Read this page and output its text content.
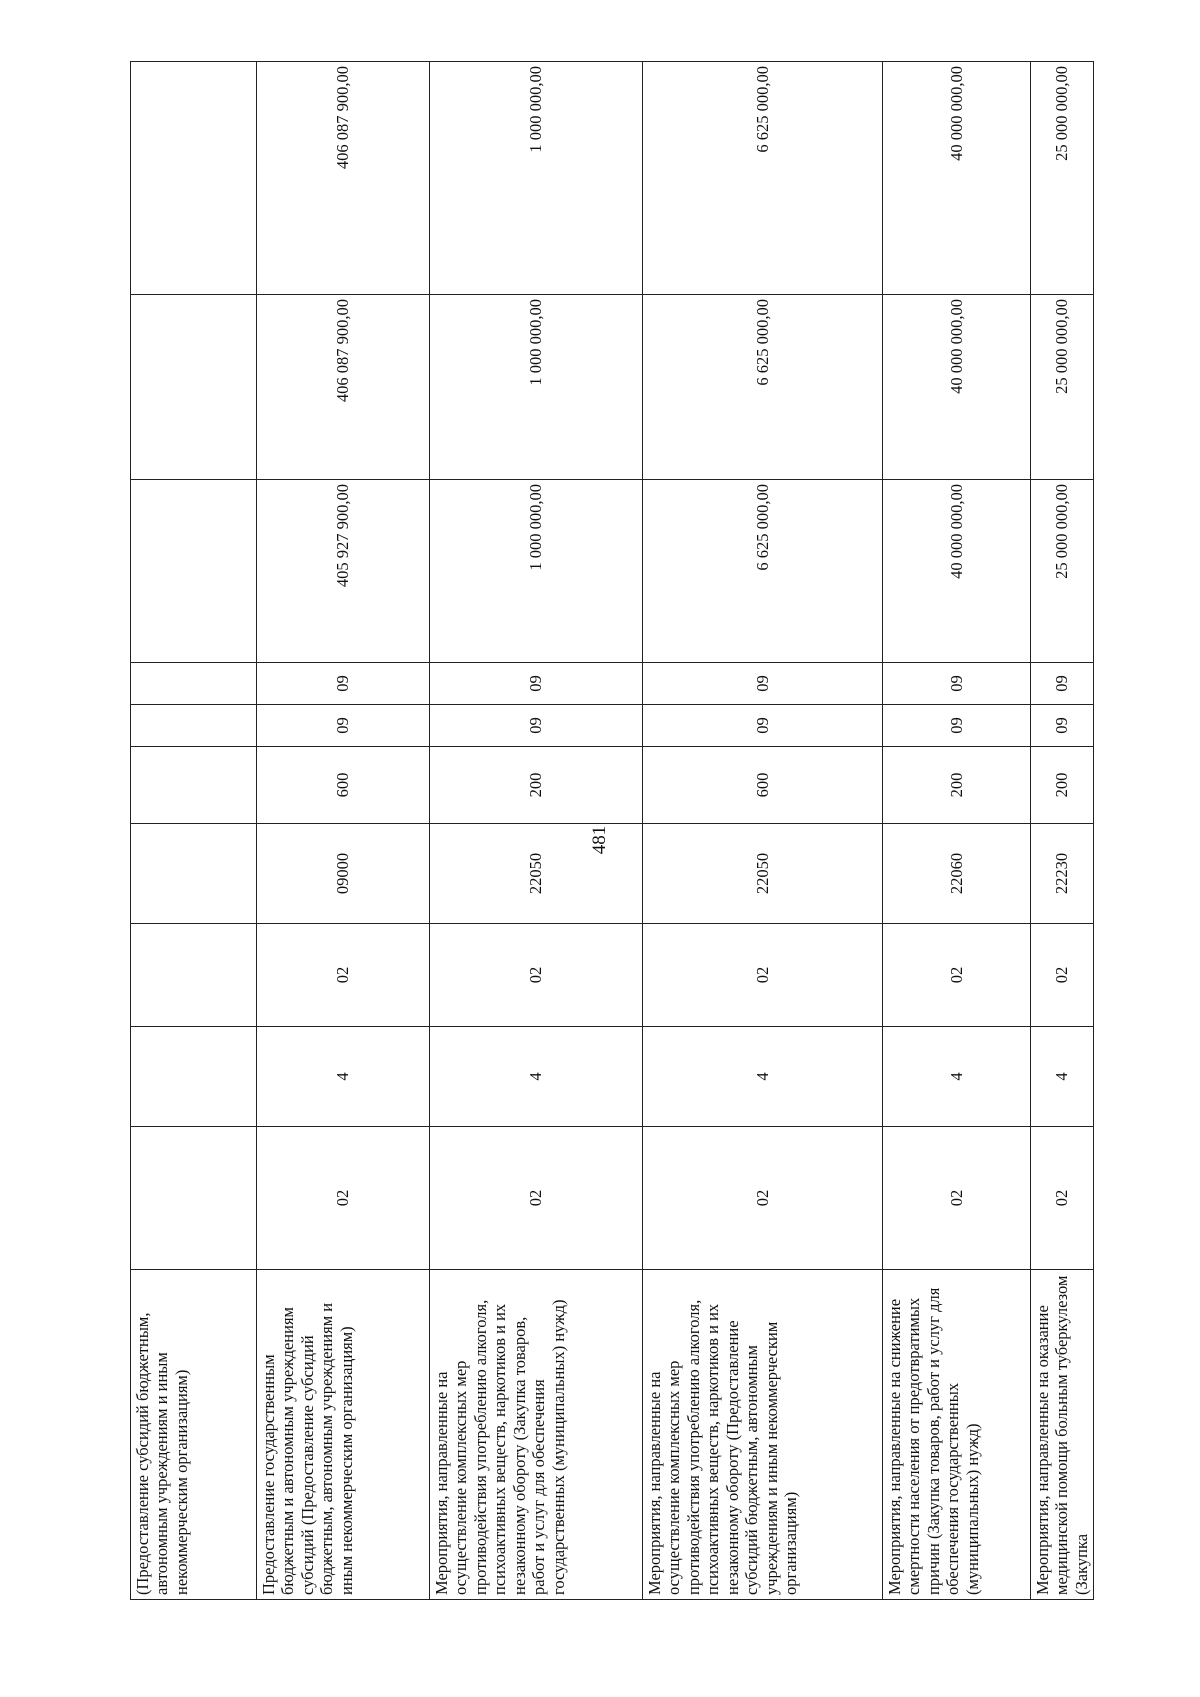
481
(Предоставление субсидий бюджетным, автономным учреждениям и иным некоммерческим организациям)										
Предоставление государственным бюджетным и автономным учреждениям субсидий (Предоставление субсидий бюджетным, автономным учреждениям и иным некоммерческим организациям)	02	4	02	09000	600	09	09	405 927 900,00	406 087 900,00	406 087 900,00
Мероприятия, направленные на осуществление комплексных мер противодействия употреблению алкоголя, психоактивных веществ, наркотиков и их незаконному обороту (Закупка товаров, работ и услуг для обеспечения государственных (муниципальных) нужд)	02	4	02	22050	200	09	09	1 000 000,00	1 000 000,00	1 000 000,00
Мероприятия, направленные на осуществление комплексных мер противодействия употреблению алкоголя, психоактивных веществ, наркотиков и их незаконному обороту (Предоставление субсидий бюджетным, автономным учреждениям и иным некоммерческим организациям)	02	4	02	22050	600	09	09	6 625 000,00	6 625 000,00	6 625 000,00
Мероприятия, направленные на снижение смертности населения от предотвратимых причин (Закупка товаров, работ и услуг для обеспечения государственных (муниципальных) нужд)	02	4	02	22060	200	09	09	40 000 000,00	40 000 000,00	40 000 000,00
Мероприятия, направленные на оказание медицинской помощи больным туберкулезом (Закупка	02	4	02	22230	200	09	09	25 000 000,00	25 000 000,00	25 000 000,00
